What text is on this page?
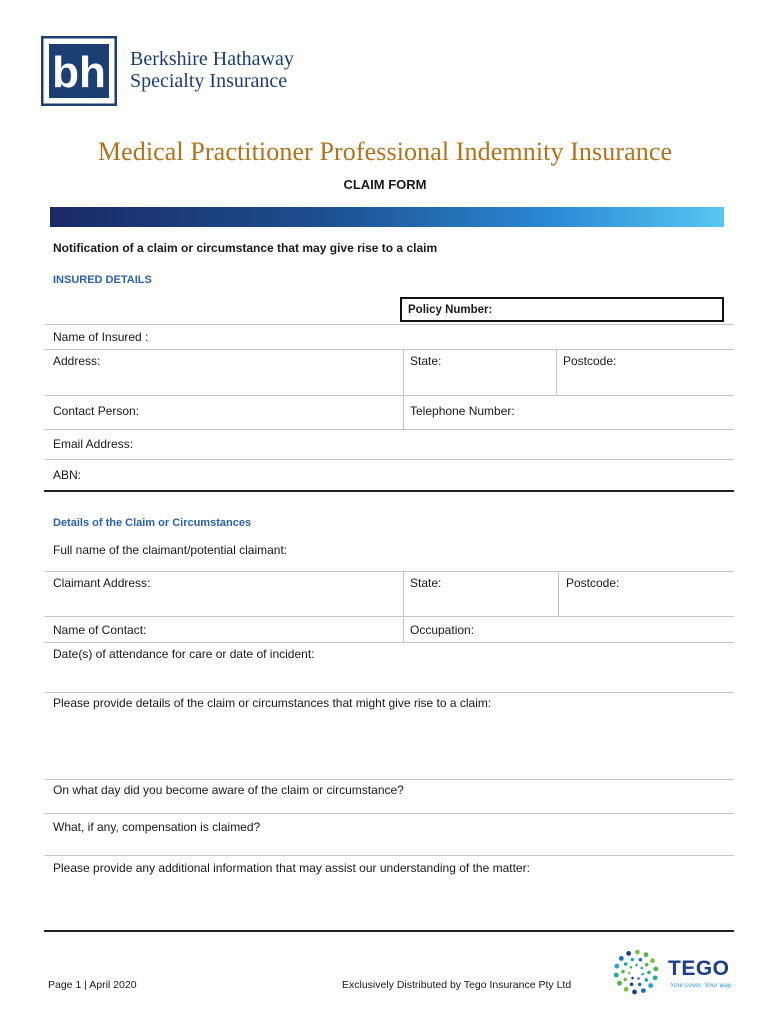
bh Berkshire Hathaway
Specialty Insurance
Medical Practitioner Professional Indemnity Insurance
CLAIM FORM
Notification of a claim or circumstance that may give rise to a claim
INSURED DETAILS
Policy Number:
Name of Insured :
Address:	State:	Postcode:
Contact Person:	Telephone Number:
Email Address:
ABN:
Details of the Claim or Circumstances
Full name of the claimant/potential claimant:
Claimant Address:	State:	Postcode:
Name of Contact:	Occupation:
Date(s) of attendance for care or date of incident:
Please provide details of the claim or circumstances that might give rise to a claim:
On what day did you become aware of the claim or circumstance?
What, if any, compensation is claimed?
Please provide any additional information that may assist our understanding of the matter:
Page 1 | April 2020	Exclusively Distributed by Tego Insurance Pty Ltd
TEGO
Your cover. Your way.
